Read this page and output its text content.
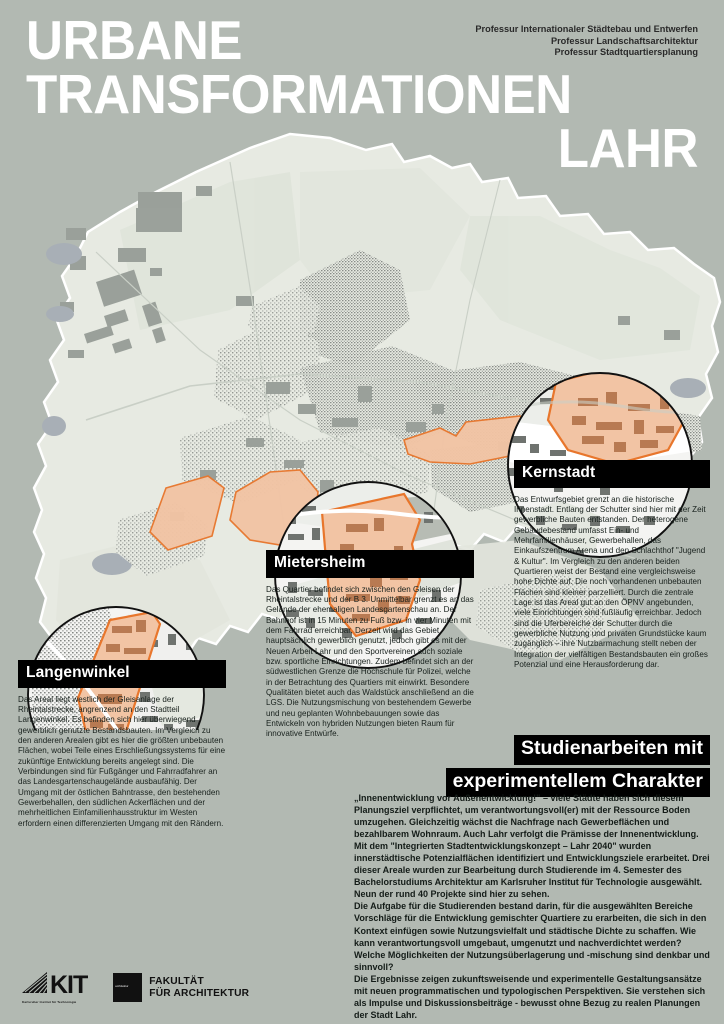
URBANE
TRANSFORMATIONEN
LAHR
Professur Internationaler Städtebau und Entwerfen
Professur Landschaftsarchitektur
Professur Stadtquartiersplanung
Langenwinkel
Das Areal liegt westlich der Gleisanlage der Rheintalstrecke, angrenzend an den Stadtteil Langenwinkel. Es befinden sich hier überwiegend gewerblich genutzte Bestandsbauten. Im Vergleich zu den anderen Arealen gibt es hier die größten unbebauten Flächen, wobei Teile eines Erschließungssystems für eine zukünftige Entwicklung bereits angelegt sind. Die Verbindungen sind für Fußgänger und Fahrradfahrer an das Landesgartenschaugelände ausbaufähig. Der Umgang mit der östlichen Bahntrasse, den bestehenden Gewerbehallen, den südlichen Ackerflächen und der mehrheitlichen Einfamilienhausstruktur im Westen erfordern einen differenzierten Umgang mit den Rändern.
Mietersheim
Das Quartier befindet sich zwischen den Gleisen der Rheintalstrecke und der B 3. Unmittelbar grenzt es an das Gelände der ehemaligen Landesgartenschau an. Der Bahnhof ist in 15 Minuten zu Fuß bzw. in vier Minuten mit dem Fahrrad erreichbar. Derzeit wird das Gebiet hauptsächlich gewerblich genutzt, jedoch gibt es mit der Neuen Arbeit Lahr und den Sportvereinen auch soziale bzw. sportliche Einrichtungen. Zudem befindet sich an der südwestlichen Grenze die Hochschule für Polizei, welche in der Betrachtung des Quartiers mit einwirkt. Besondere Qualitäten bietet auch das Waldstück anschließend an die LGS. Die Nutzungsmischung von bestehendem Gewerbe und neu geplanten Wohnbebauungen sowie das Entwickeln von hybriden Nutzungen bieten Raum für innovative Entwürfe.
Kernstadt
Das Entwurfsgebiet grenzt an die historische Innenstadt. Entlang der Schutter sind hier mit der Zeit gewerbliche Bauten entstanden. Der heterogene Gebäudebestand umfasst Ein- und Mehrfamilienhäuser, Gewerbehallen, das Einkaufszentrum Arena und den Schlachthof "Jugend & Kultur". Im Vergleich zu den anderen beiden Quartieren weist der Bestand eine vergleichsweise hohe Dichte auf. Die noch vorhandenen unbebauten Flächen sind kleiner parzelliert. Durch die zentrale Lage ist das Areal gut an den ÖPNV angebunden, viele Einrichtungen sind fußläufig erreichbar. Jedoch sind die Uferbereiche der Schutter durch die gewerbliche Nutzung und privaten Grundstücke kaum zugänglich – ihre Nutzbarmachung stellt neben der Integration der vielfältigen Bestandsbauten ein großes Potenzial und eine Herausforderung dar.
Studienarbeiten mit
experimentellem Charakter

„Innenentwicklung vor Außenentwicklung!" – viele Städte haben sich diesem Planungsziel verpflichtet, um verantwortungsvoll(er) mit der Ressource Boden umzugehen. Gleichzeitig wächst die Nachfrage nach Gewerbeflächen und bezahlbarem Wohnraum. Auch Lahr verfolgt die Prämisse der Innenentwicklung. Mit dem "Integrierten Stadtentwicklungskonzept – Lahr 2040" wurden innerstädtische Potenzialflächen identifiziert und Entwicklungsziele erarbeitet. Drei dieser Areale wurden zur Bearbeitung durch Studierende im 4. Semester des Bachelorstudiums Architektur am Karlsruher Institut für Technologie ausgewählt. Neun der rund 40 Projekte sind hier zu sehen.

Die Aufgabe für die Studierenden bestand darin, für die ausgewählten Bereiche Vorschläge für die Entwicklung gemischter Quartiere zu erarbeiten, die sich in den Kontext einfügen sowie Nutzungsvielfalt und städtische Dichte zu schaffen. Wie kann verantwortungsvoll umgebaut, umgenutzt und nachverdichtet werden? Welche Möglichkeiten der Nutzungsüberlagerung und -mischung sind denkbar und sinnvoll?

Die Ergebnisse zeigen zukunftsweisende und experimentelle Gestaltungsansätze mit neuen programmatischen und typologischen Perspektiven. Sie verstehen sich als Impulse und Diskussionsbeiträge - bewusst ohne Bezug zu realen Planungen der Stadt Lahr.

KIT
Karlsruher Institut für Technologie
architektur FAKULTÄT
FÜR ARCHITEKTUR
